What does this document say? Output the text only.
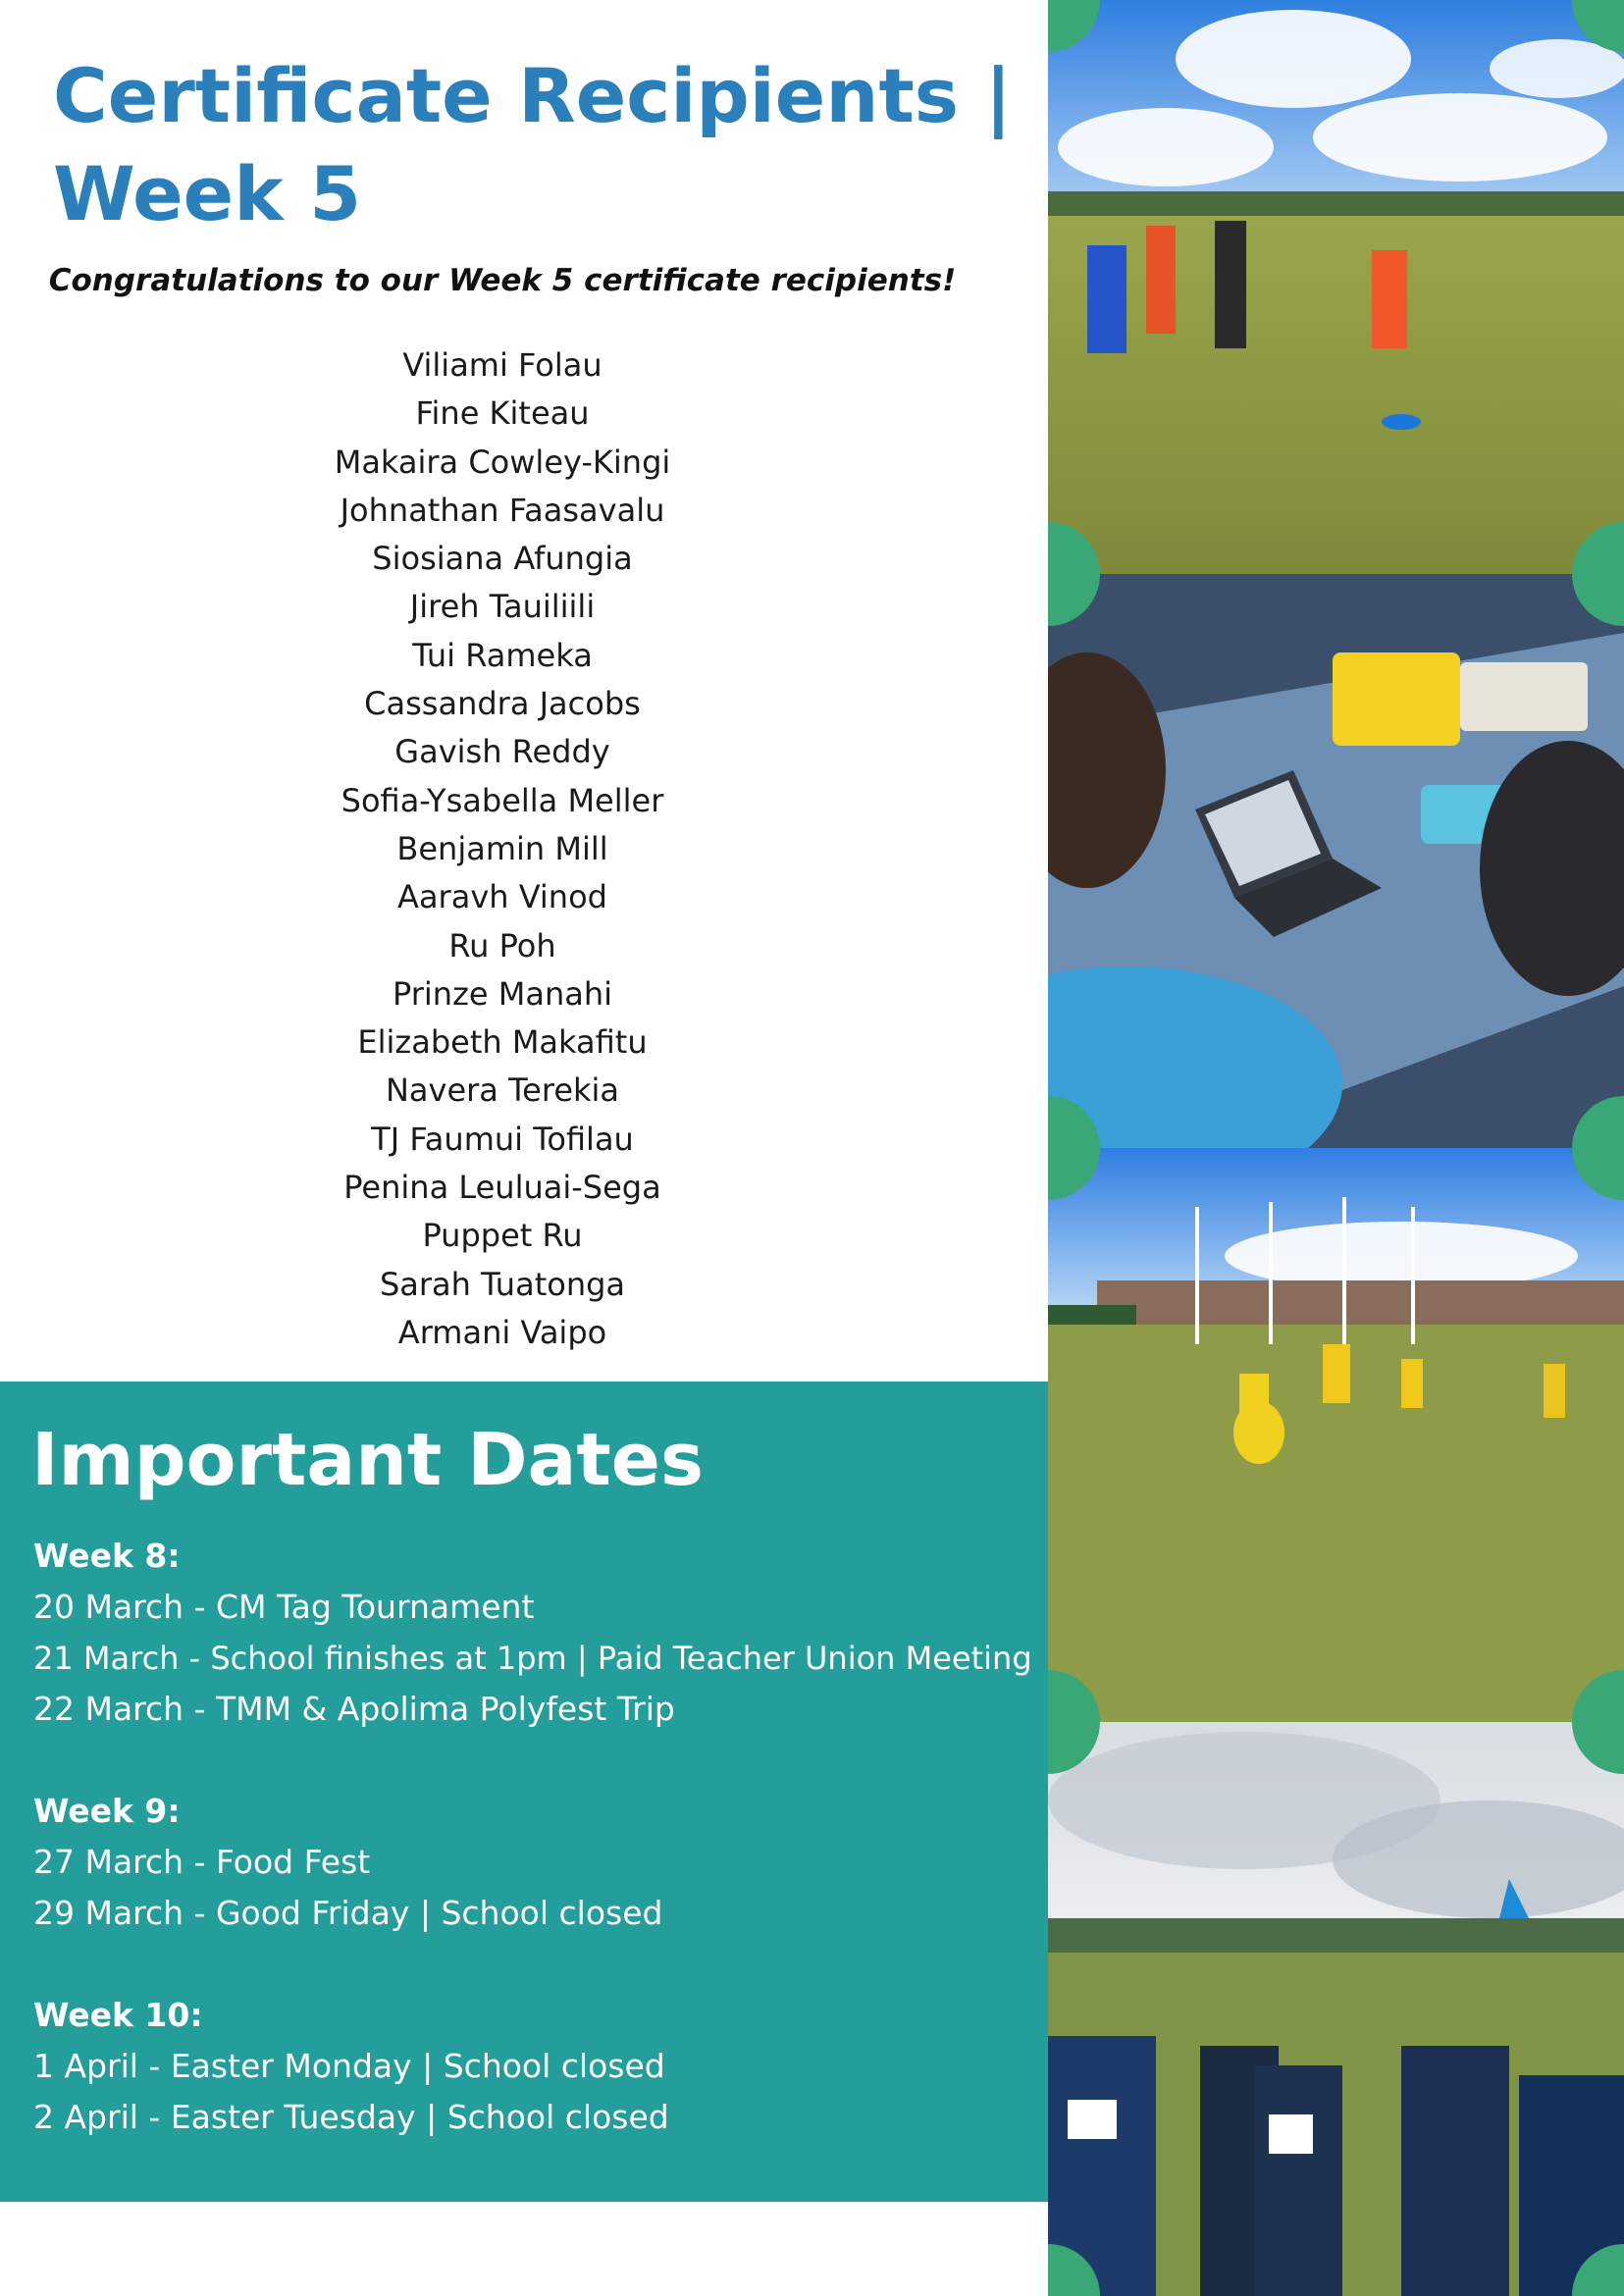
Certificate Recipients |
Week 5
Congratulations to our Week 5 certificate recipients!
Viliami Folau
Fine Kiteau
Makaira Cowley-Kingi
Johnathan Faasavalu
Siosiana Afungia
Jireh Tauiliili
Tui Rameka
Cassandra Jacobs
Gavish Reddy
Sofia-Ysabella Meller
Benjamin Mill
Aaravh Vinod
Ru Poh
Prinze Manahi
Elizabeth Makafitu
Navera Terekia
TJ Faumui Tofilau
Penina Leuluai-Sega
Puppet Ru
Sarah Tuatonga
Armani Vaipo
Important Dates
Week 8:
20 March - CM Tag Tournament
21 March - School finishes at 1pm | Paid Teacher Union Meeting
22 March - TMM & Apolima Polyfest Trip
Week 9:
27 March - Food Fest
29 March - Good Friday | School closed
Week 10:
1 April - Easter Monday | School closed
2 April - Easter Tuesday | School closed
